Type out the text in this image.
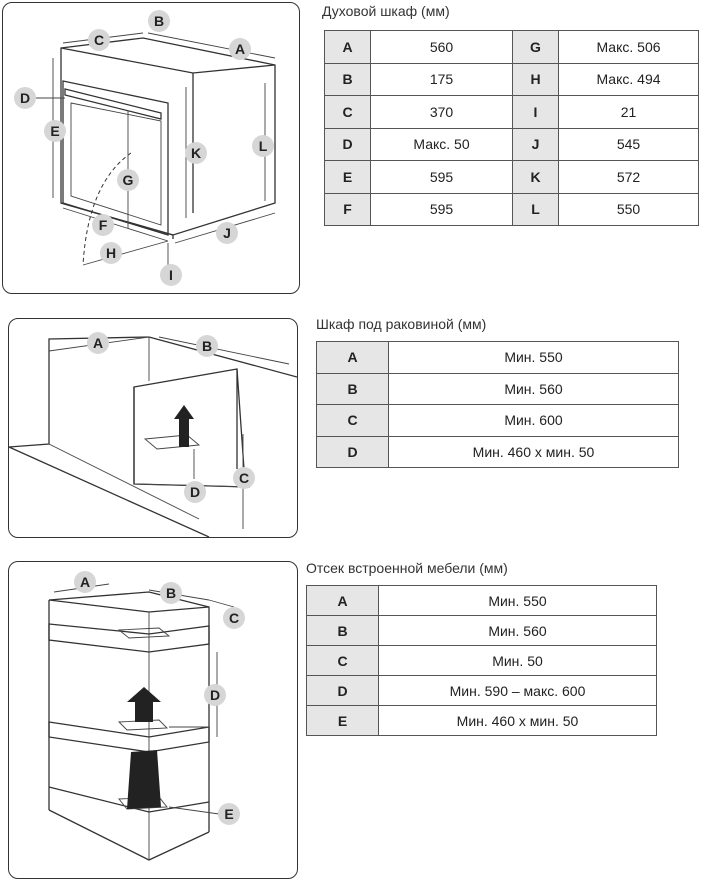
A
B
C
D
E
F
G
H
I
J
K	L
Духовой шкаф (мм)
A	560	G	Макс. 506
B	175	H	Макс. 494
C	370	I	21
D	Макс. 50	J	545
E	595	K	572
F	595	L	550
A	B
C
D
Шкаф под раковиной (мм)
A	Мин. 550
B	Мин. 560
C	Мин. 600
D	Мин. 460 x мин. 50
A
B
C
D
E
Отсек встроенной мебели (мм)
A	Мин. 550
B	Мин. 560
C	Мин. 50
D	Мин. 590 – макс. 600
E	Мин. 460 x мин. 50
